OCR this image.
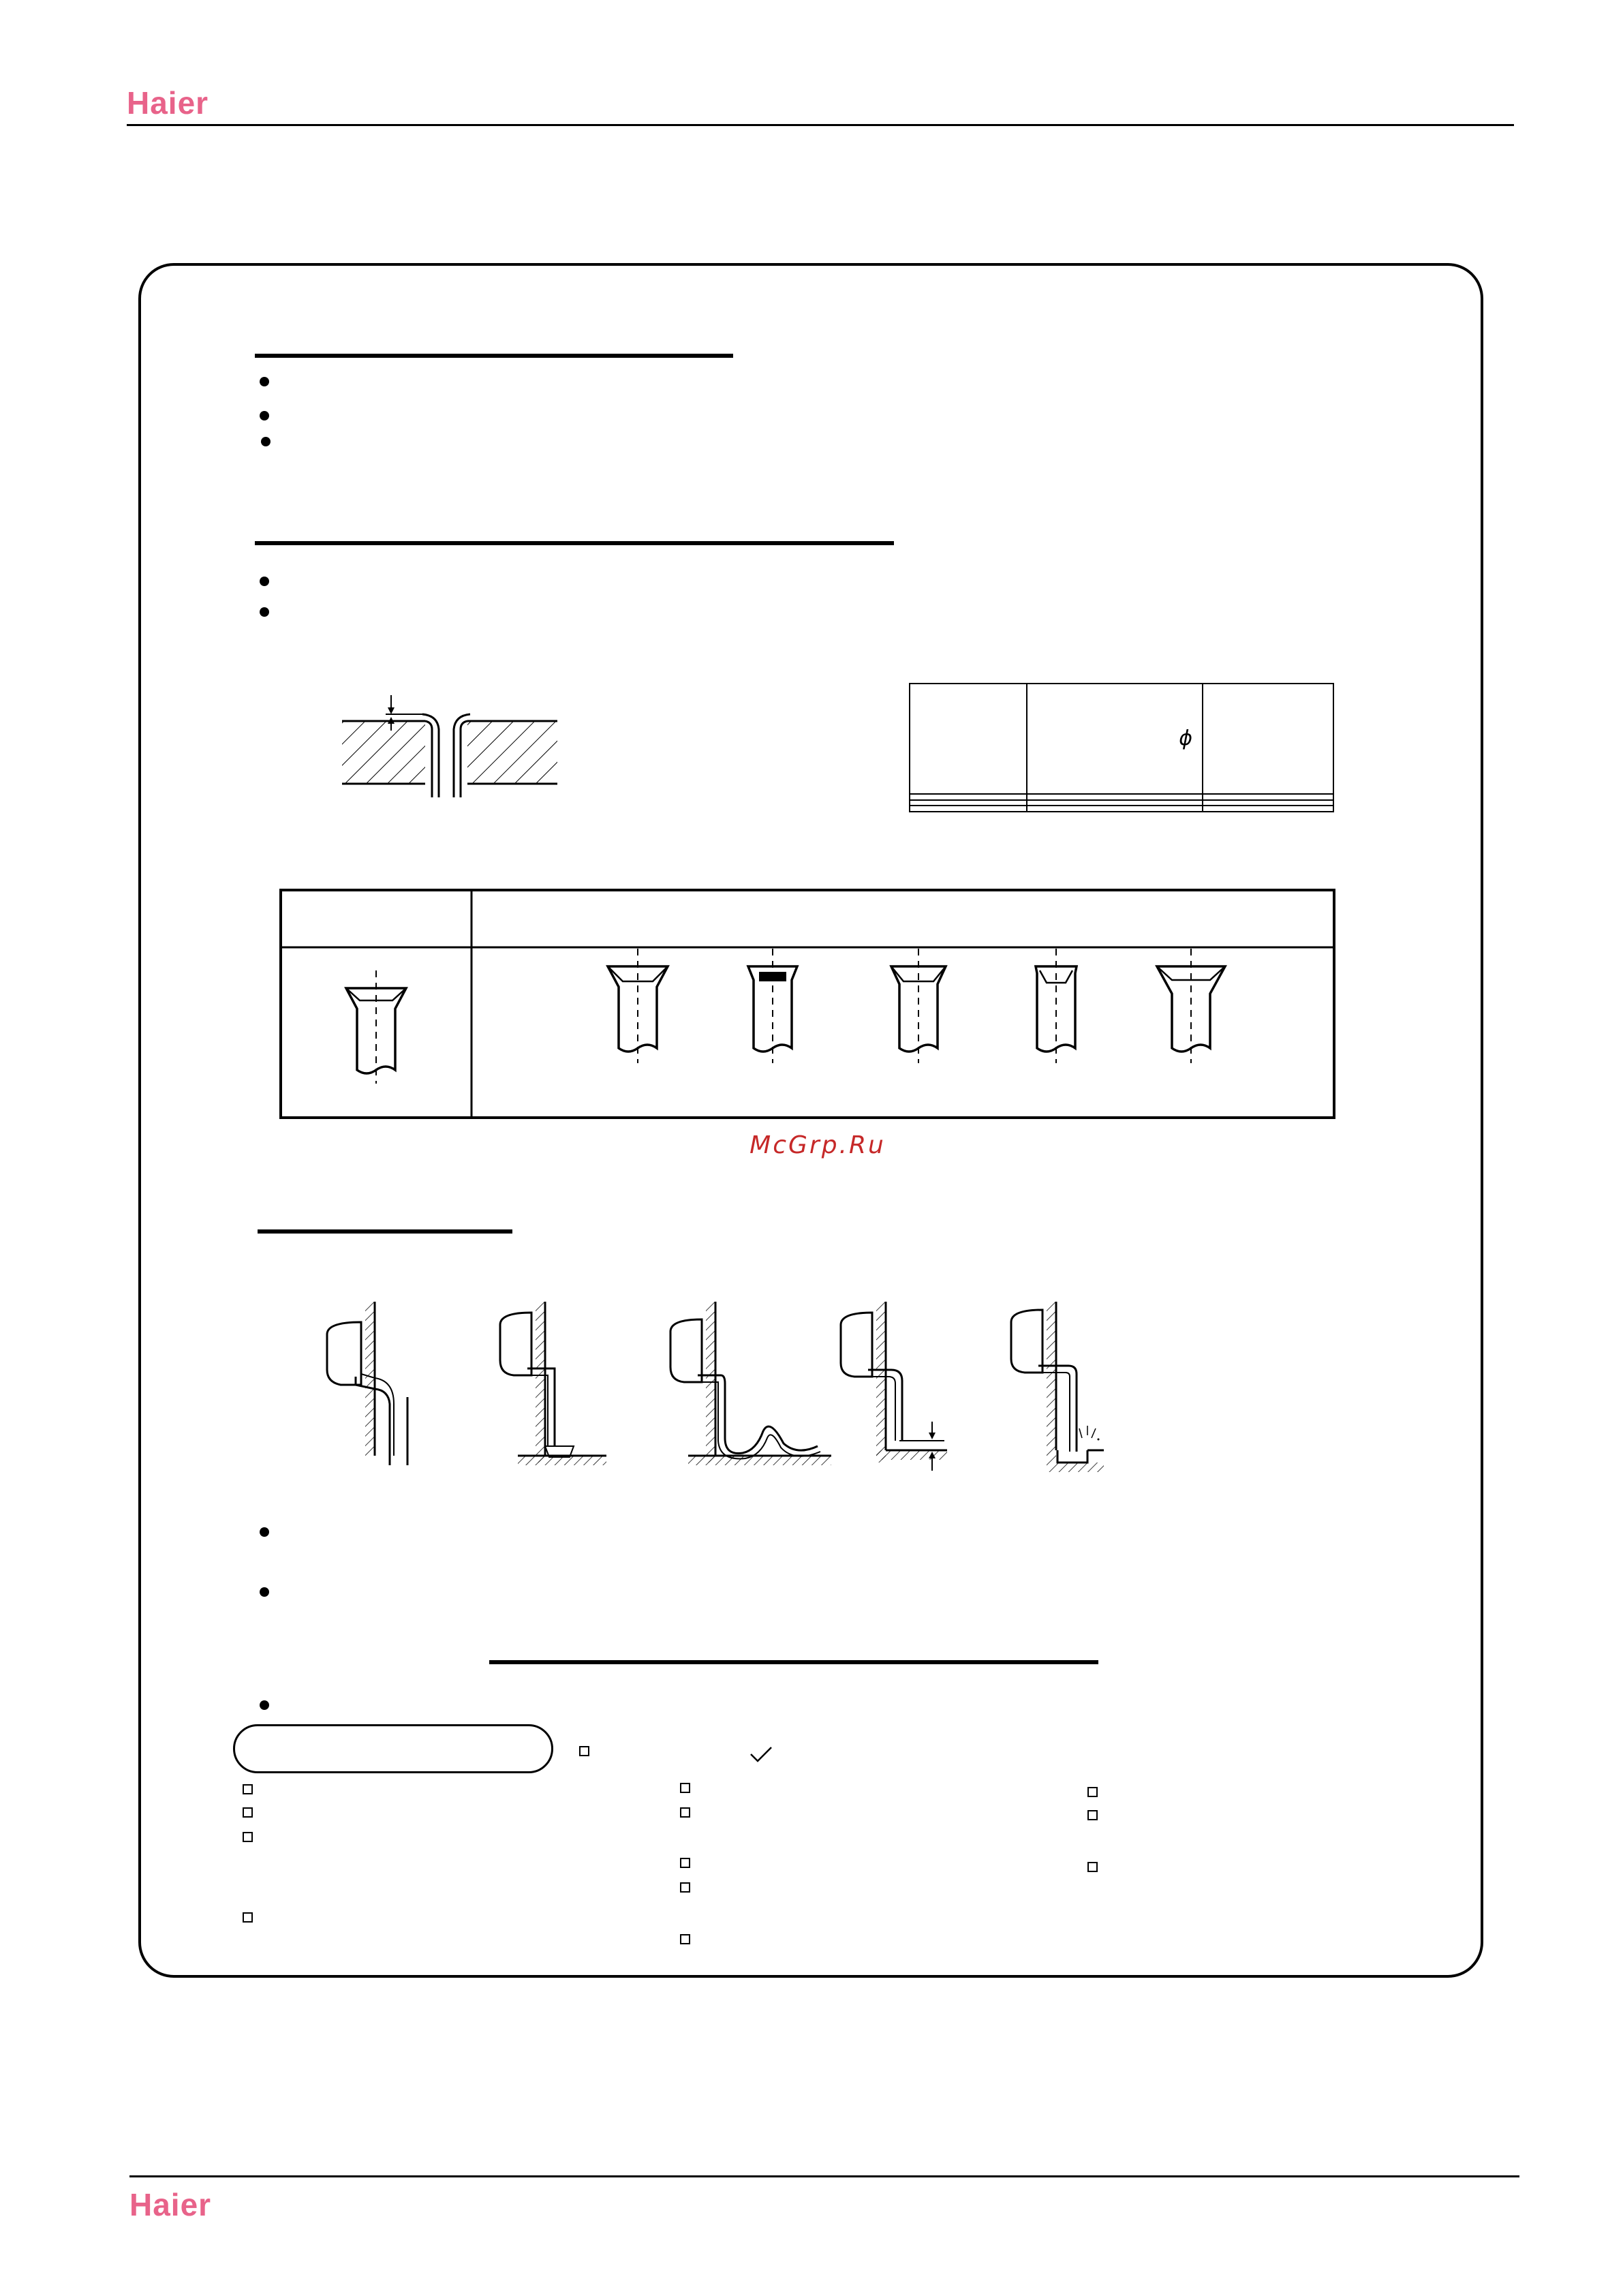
Haier
	ϕ	

McGrp.Ru
Haier
